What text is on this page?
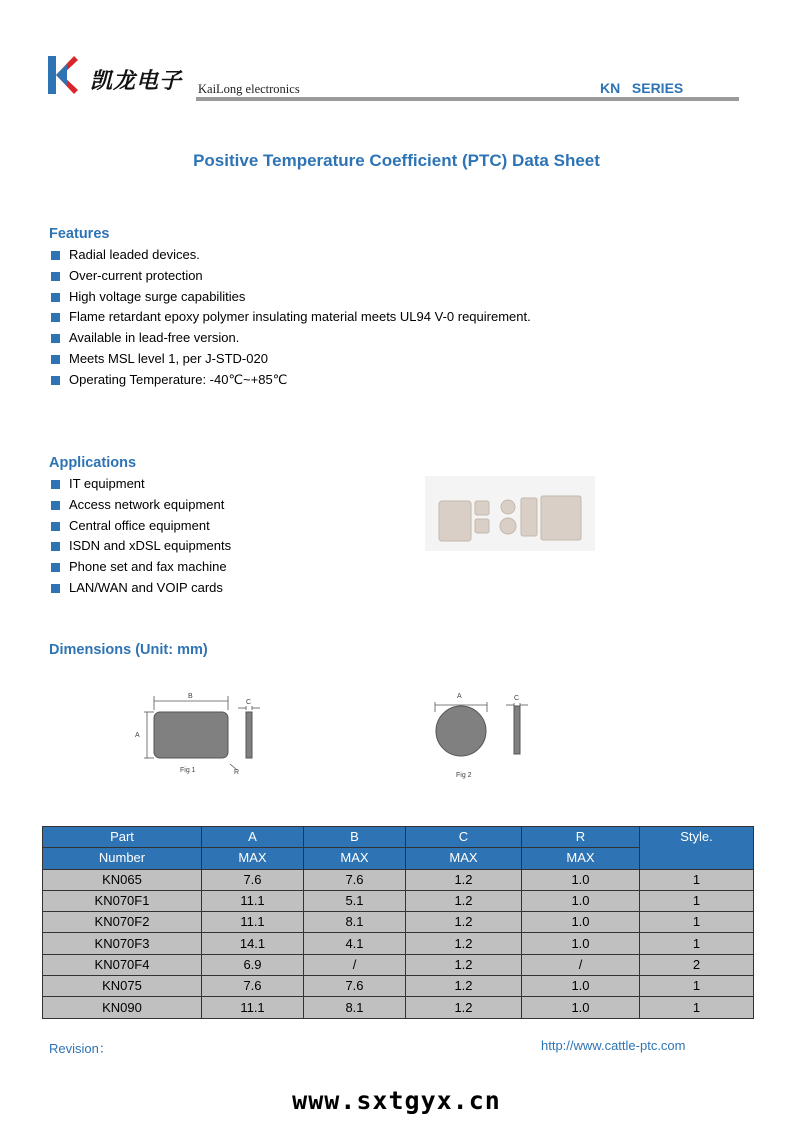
凯龙电子 KaiLong electronics	KN   SERIES
Positive Temperature Coefficient (PTC) Data Sheet
Features
Radial leaded devices.
Over-current protection
High voltage surge capabilities
Flame retardant epoxy polymer insulating material meets UL94 V-0 requirement.
Available in lead-free version.
Meets MSL level 1, per J-STD-020
Operating Temperature: -40℃~+85℃
Applications
IT equipment
Access network equipment
Central office equipment
ISDN and xDSL equipments
Phone set and fax machine
LAN/WAN and VOIP cards
Dimensions (Unit: mm)
B
A
C
R
Fig 1
A	C
Fig 2
Part	A	B	C	R	Style.
Number	MAX	MAX	MAX	MAX	
KN065	7.6	7.6	1.2	1.0	1
KN070F1	11.1	5.1	1.2	1.0	1
KN070F2	11.1	8.1	1.2	1.0	1
KN070F3	14.1	4.1	1.2	1.0	1
KN070F4	6.9	/	1.2	/	2
KN075	7.6	7.6	1.2	1.0	1
KN090	11.1	8.1	1.2	1.0	1
Revision：	http://www.cattle-ptc.com
www.sxtgyx.cn
